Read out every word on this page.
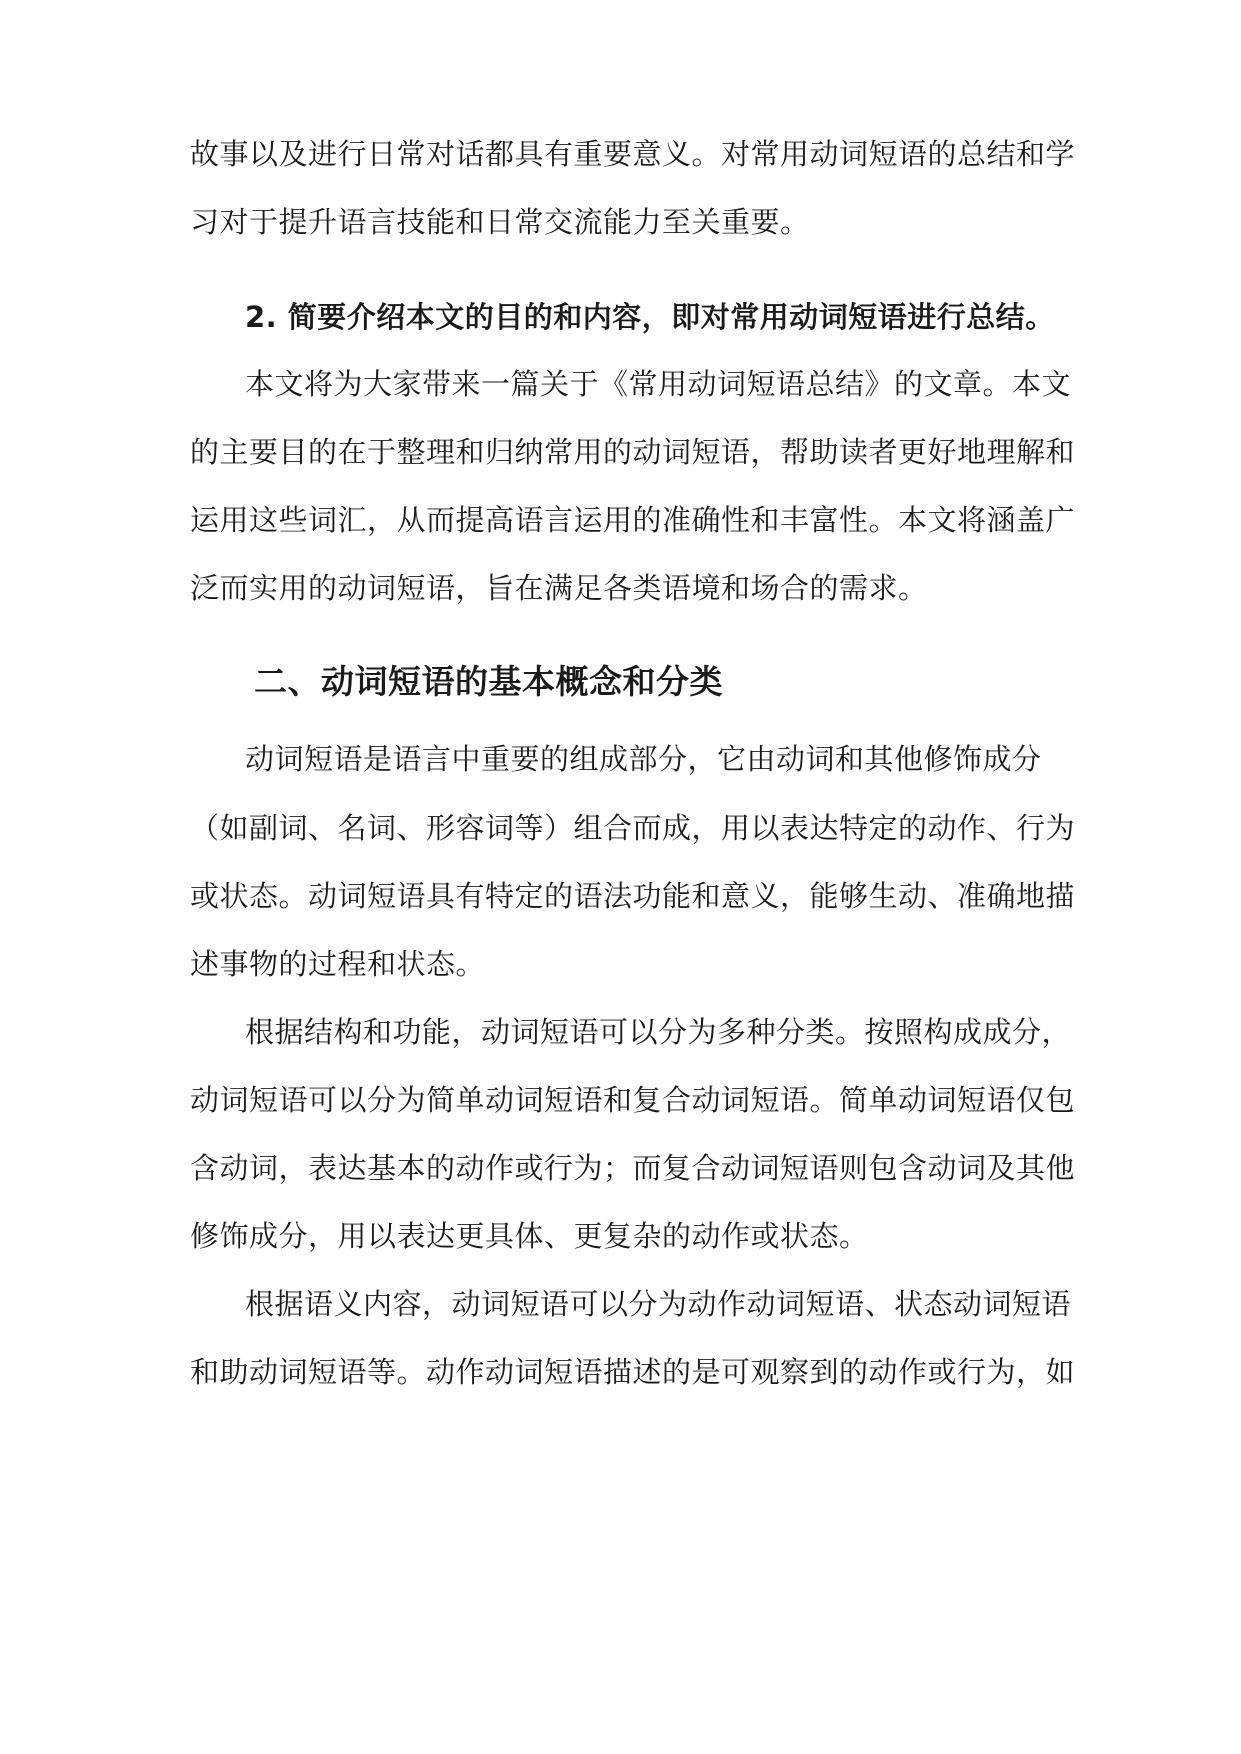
故事以及进行日常对话都具有重要意义。对常用动词短语的总结和学
习对于提升语言技能和日常交流能力至关重要。
2. 简要介绍本文的目的和内容，即对常用动词短语进行总结。
本文将为大家带来一篇关于《常用动词短语总结》的文章。本文
的主要目的在于整理和归纳常用的动词短语，帮助读者更好地理解和
运用这些词汇，从而提高语言运用的准确性和丰富性。本文将涵盖广
泛而实用的动词短语，旨在满足各类语境和场合的需求。
二、动词短语的基本概念和分类
动词短语是语言中重要的组成部分，它由动词和其他修饰成分
（如副词、名词、形容词等）组合而成，用以表达特定的动作、行为
或状态。动词短语具有特定的语法功能和意义，能够生动、准确地描
述事物的过程和状态。
根据结构和功能，动词短语可以分为多种分类。按照构成成分，
动词短语可以分为简单动词短语和复合动词短语。简单动词短语仅包
含动词，表达基本的动作或行为；而复合动词短语则包含动词及其他
修饰成分，用以表达更具体、更复杂的动作或状态。
根据语义内容，动词短语可以分为动作动词短语、状态动词短语
和助动词短语等。动作动词短语描述的是可观察到的动作或行为，如
